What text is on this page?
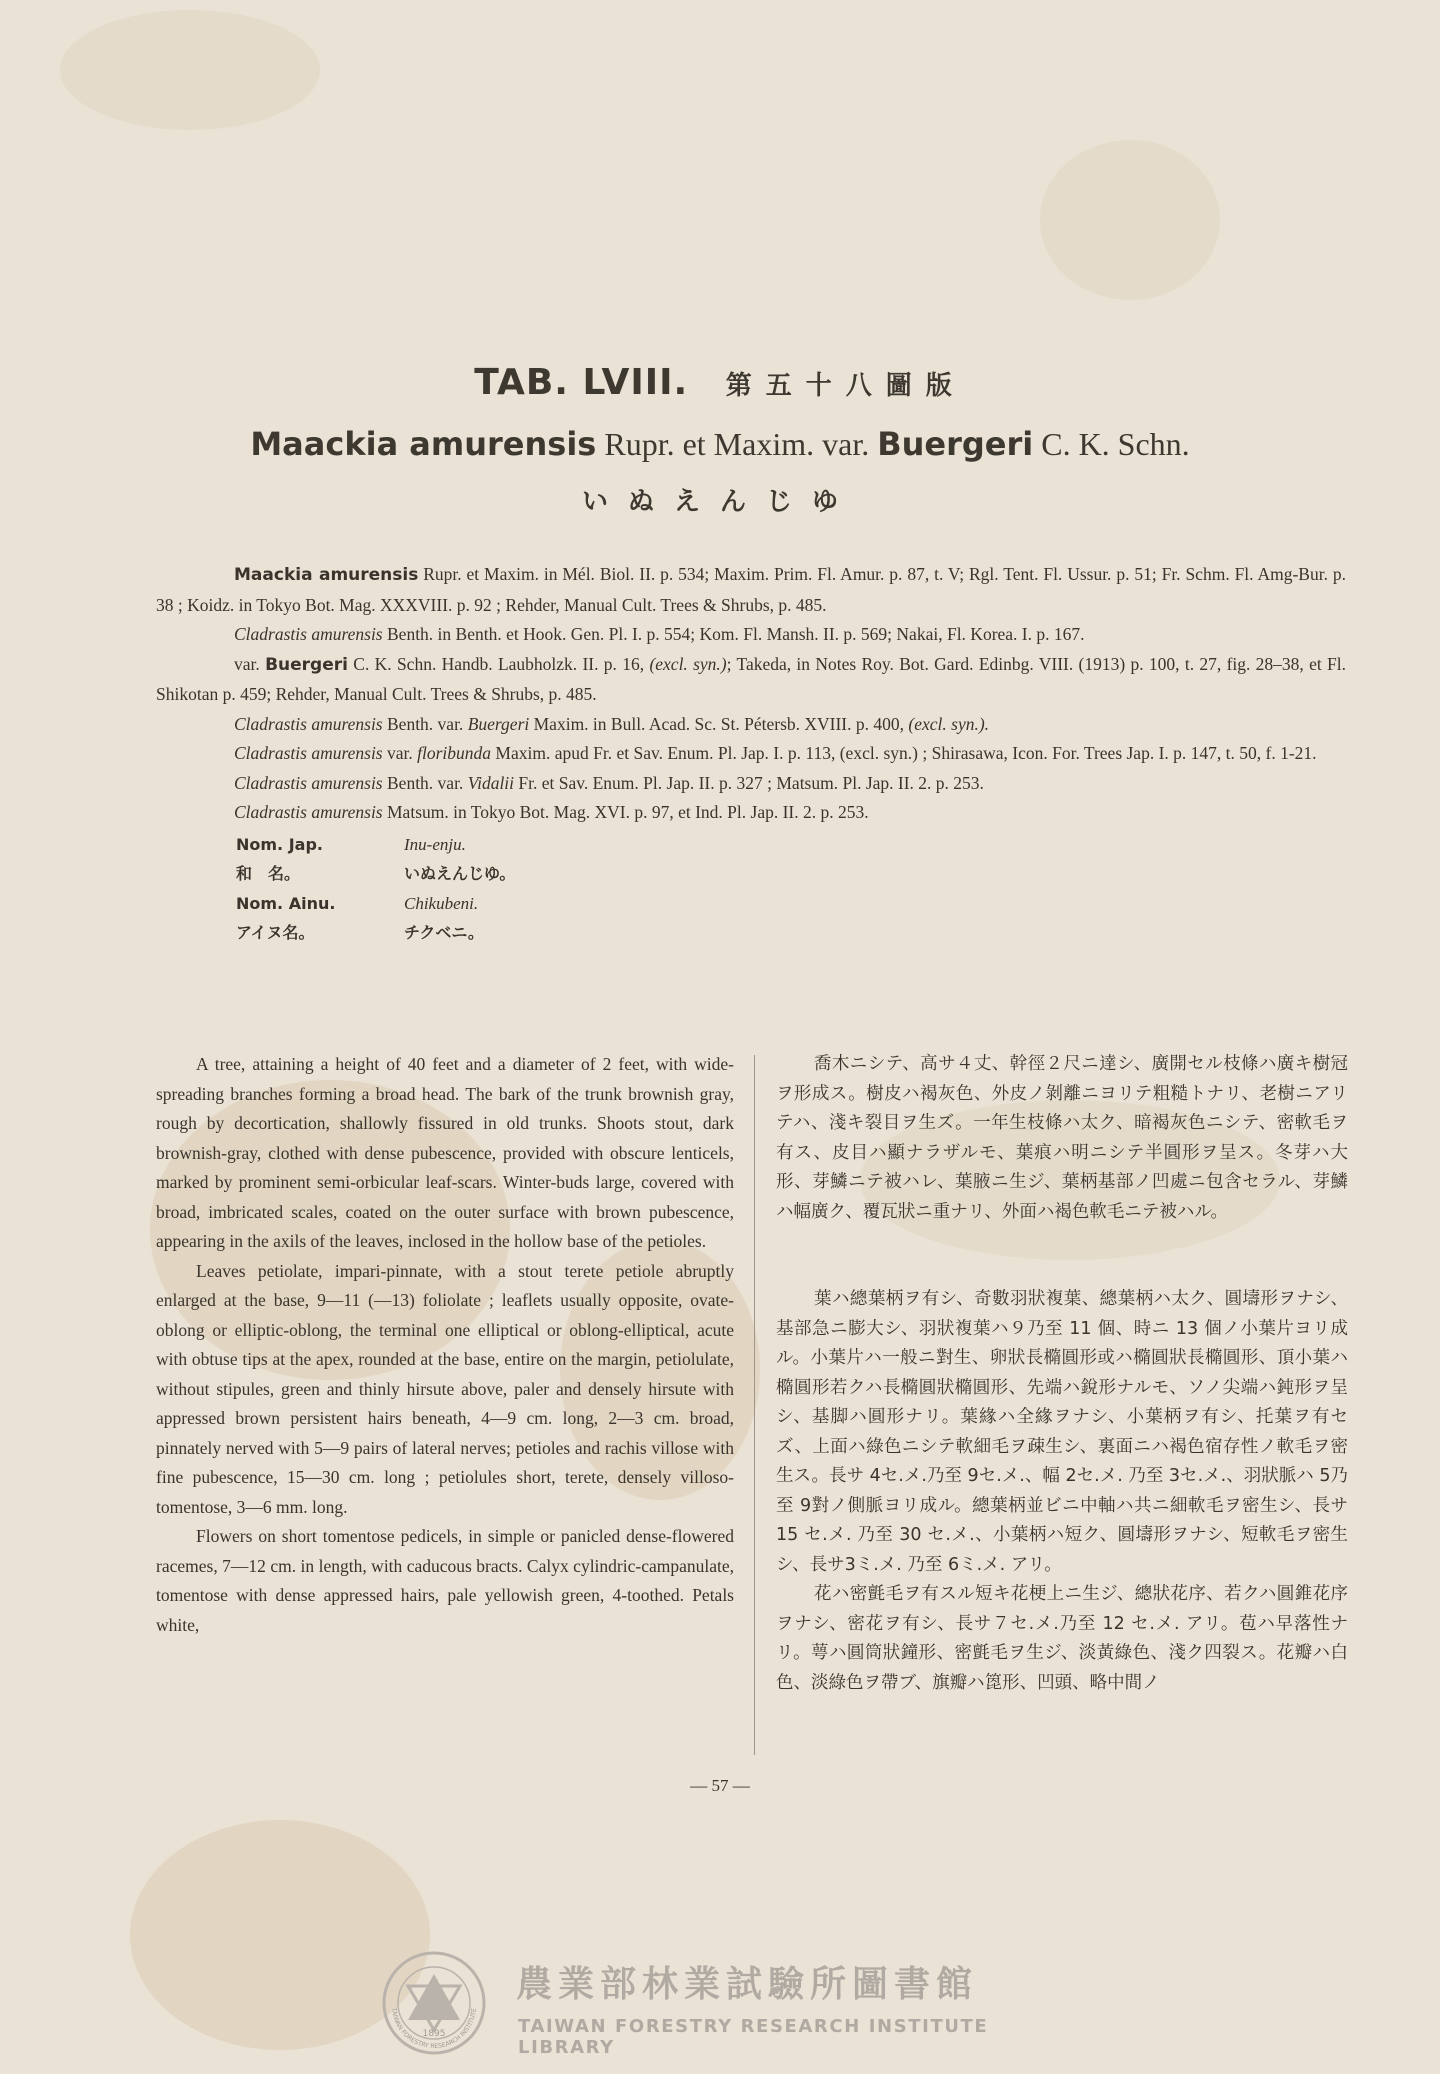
TAB. LVIII. 第五十八圖版
Maackia amurensis Rupr. et Maxim. var. Buergeri C. K. Schn.
いぬえんじゆ

Maackia amurensis Rupr. et Maxim. in Mél. Biol. II. p. 534; Maxim. Prim. Fl. Amur. p. 87, t. V; Rgl. Tent. Fl. Ussur. p. 51; Fr. Schm. Fl. Amg-Bur. p. 38 ; Koidz. in Tokyo Bot. Mag. XXXVIII. p. 92 ; Rehder, Manual Cult. Trees & Shrubs, p. 485.

Cladrastis amurensis Benth. in Benth. et Hook. Gen. Pl. I. p. 554; Kom. Fl. Mansh. II. p. 569; Nakai, Fl. Korea. I. p. 167.

var. Buergeri C. K. Schn. Handb. Laubholzk. II. p. 16, (excl. syn.); Takeda, in Notes Roy. Bot. Gard. Edinbg. VIII. (1913) p. 100, t. 27, fig. 28–38, et Fl. Shikotan p. 459; Rehder, Manual Cult. Trees & Shrubs, p. 485.

Cladrastis amurensis Benth. var. Buergeri Maxim. in Bull. Acad. Sc. St. Pétersb. XVIII. p. 400, (excl. syn.).

Cladrastis amurensis var. floribunda Maxim. apud Fr. et Sav. Enum. Pl. Jap. I. p. 113, (excl. syn.) ; Shirasawa, Icon. For. Trees Jap. I. p. 147, t. 50, f. 1-21.

Cladrastis amurensis Benth. var. Vidalii Fr. et Sav. Enum. Pl. Jap. II. p. 327 ; Matsum. Pl. Jap. II. 2. p. 253.

Cladrastis amurensis Matsum. in Tokyo Bot. Mag. XVI. p. 97, et Ind. Pl. Jap. II. 2. p. 253.

Nom. Jap.	Inu-enju.
和　名。	いぬえんじゆ。
Nom. Ainu.	Chikubeni.
アイヌ名。	チクベニ。

A tree, attaining a height of 40 feet and a diameter of 2 feet, with wide-spreading branches forming a broad head. The bark of the trunk brownish gray, rough by decortication, shallowly fissured in old trunks. Shoots stout, dark brownish-gray, clothed with dense pubescence, provided with obscure lenticels, marked by prominent semi-orbicular leaf-scars. Winter-buds large, covered with broad, imbricated scales, coated on the outer surface with brown pubescence, appearing in the axils of the leaves, inclosed in the hollow base of the petioles.

Leaves petiolate, impari-pinnate, with a stout terete petiole abruptly enlarged at the base, 9—11 (—13) foliolate ; leaflets usually opposite, ovate-oblong or elliptic-oblong, the terminal one elliptical or oblong-elliptical, acute with obtuse tips at the apex, rounded at the base, entire on the margin, petiolulate, without stipules, green and thinly hirsute above, paler and densely hirsute with appressed brown persistent hairs beneath, 4—9 cm. long, 2—3 cm. broad, pinnately nerved with 5—9 pairs of lateral nerves; petioles and rachis villose with fine pubescence, 15—30 cm. long ; petiolules short, terete, densely villoso-tomentose, 3—6 mm. long.

Flowers on short tomentose pedicels, in simple or panicled dense-flowered racemes, 7—12 cm. in length, with caducous bracts. Calyx cylindric-campanulate, tomentose with dense appressed hairs, pale yellowish green, 4-toothed. Petals white,

喬木ニシテ、高サ４丈、幹徑２尺ニ達シ、廣開セル枝條ハ廣キ樹冠ヲ形成ス。樹皮ハ褐灰色、外皮ノ剝離ニヨリテ粗糙トナリ、老樹ニアリテハ、淺キ裂目ヲ生ズ。一年生枝條ハ太ク、暗褐灰色ニシテ、密軟毛ヲ有ス、皮目ハ顯ナラザルモ、葉痕ハ明ニシテ半圓形ヲ呈ス。冬芽ハ大形、芽鱗ニテ被ハレ、葉腋ニ生ジ、葉柄基部ノ凹處ニ包含セラル、芽鱗ハ幅廣ク、覆瓦狀ニ重ナリ、外面ハ褐色軟毛ニテ被ハル。

葉ハ總葉柄ヲ有シ、奇數羽狀複葉、總葉柄ハ太ク、圓壔形ヲナシ、基部急ニ膨大シ、羽狀複葉ハ９乃至 11 個、時ニ 13 個ノ小葉片ヨリ成ル。小葉片ハ一般ニ對生、卵狀長橢圓形或ハ橢圓狀長橢圓形、頂小葉ハ橢圓形若クハ長橢圓狀橢圓形、先端ハ銳形ナルモ、ソノ尖端ハ鈍形ヲ呈シ、基脚ハ圓形ナリ。葉緣ハ全緣ヲナシ、小葉柄ヲ有シ、托葉ヲ有セズ、上面ハ綠色ニシテ軟細毛ヲ疎生シ、裏面ニハ褐色宿存性ノ軟毛ヲ密生ス。長サ 4セ.メ.乃至 9セ.メ.、幅 2セ.メ. 乃至 3セ.メ.、羽狀脈ハ 5乃至 9對ノ側脈ヨリ成ル。總葉柄並ビニ中軸ハ共ニ細軟毛ヲ密生シ、長サ 15 セ.メ. 乃至 30 セ.メ.、小葉柄ハ短ク、圓壔形ヲナシ、短軟毛ヲ密生シ、長サ3ミ.メ. 乃至 6ミ.メ. アリ。

花ハ密氈毛ヲ有スル短キ花梗上ニ生ジ、總狀花序、若クハ圓錐花序ヲナシ、密花ヲ有シ、長サ７セ.メ.乃至 12 セ.メ. アリ。苞ハ早落性ナリ。萼ハ圓筒狀鐘形、密氈毛ヲ生ジ、淡黃綠色、淺ク四裂ス。花瓣ハ白色、淡綠色ヲ帶ブ、旗瓣ハ箆形、凹頭、略中間ノ

— 57 —
1895
TAIWAN FORESTRY RESEARCH INSTITUTE
農業部林業試驗所圖書館
TAIWAN FORESTRY RESEARCH INSTITUTE LIBRARY
